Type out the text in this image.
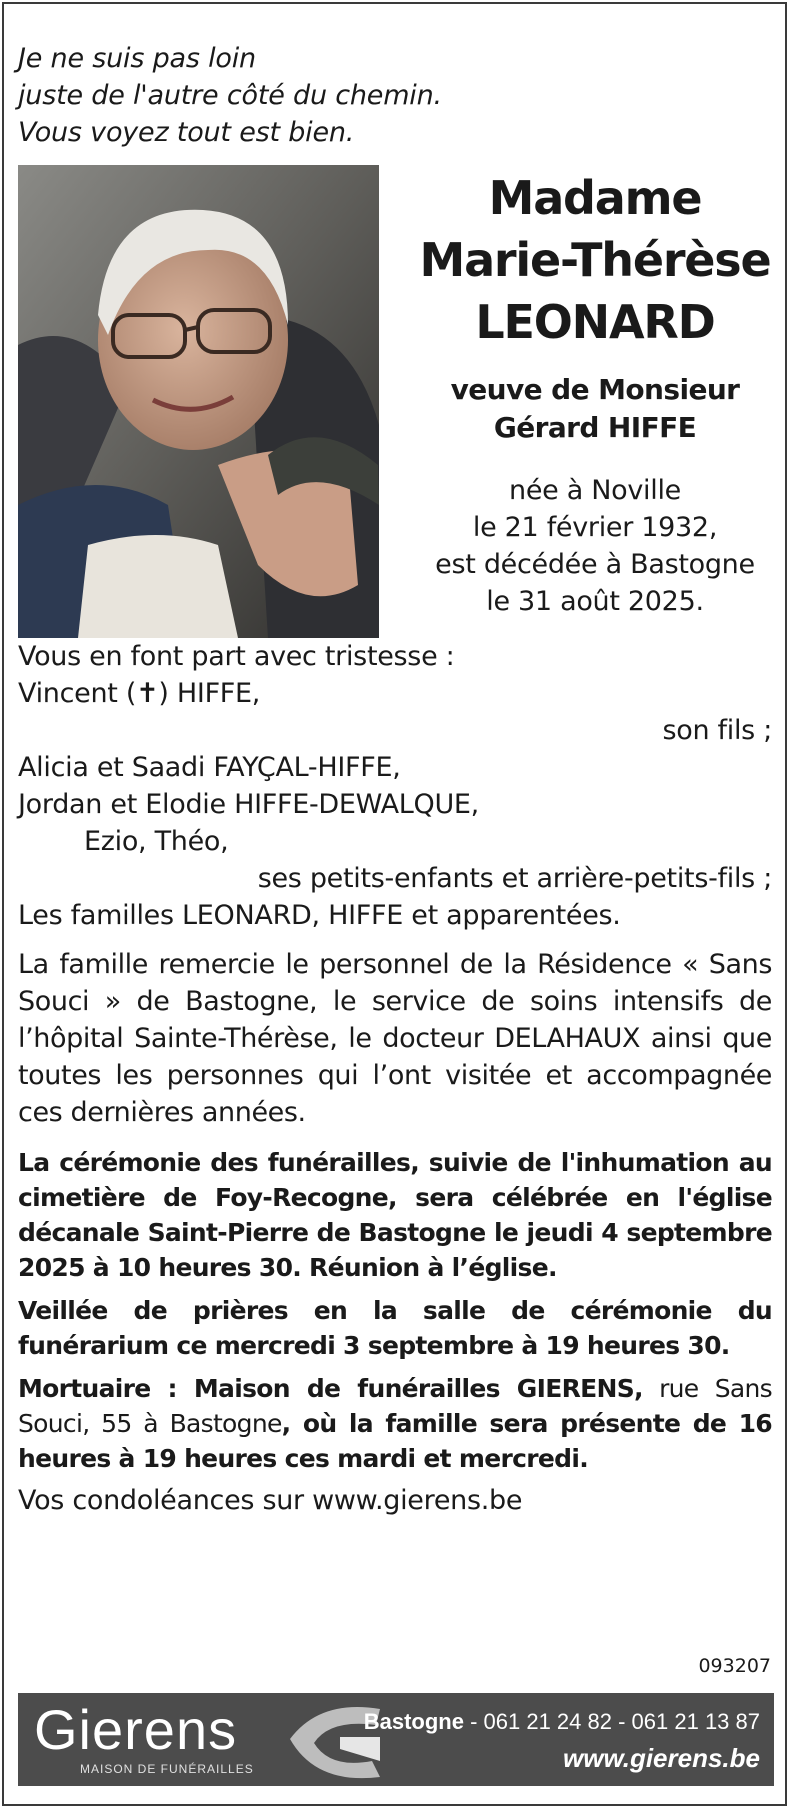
Je ne suis pas loin
juste de l'autre côté du chemin.
Vous voyez tout est bien.
Madame
Marie-Thérèse
LEONARD
veuve de Monsieur
Gérard HIFFE
née à Noville
le 21 février 1932,
est décédée à Bastogne
le 31 août 2025.

Vous en font part avec tristesse :

Vincent (✝) HIFFE,

son fils ;

Alicia et Saadi FAYÇAL-HIFFE,

Jordan et Elodie HIFFE-DEWALQUE,

Ezio, Théo,

ses petits-enfants et arrière-petits-fils ;

Les familles LEONARD, HIFFE et apparentées.

La famille remercie le personnel de la Résidence « Sans Souci » de Bastogne, le service de soins intensifs de l’hôpital Sainte-Thérèse, le docteur DELAHAUX ainsi que toutes les personnes qui l’ont visitée et accompagnée ces dernières années.
La cérémonie des funérailles, suivie de l'inhumation au cimetière de Foy-Recogne, sera célébrée en l'église décanale Saint-Pierre de Bastogne le jeudi 4 septembre 2025 à 10 heures 30. Réunion à l’église.
Veillée de prières en la salle de cérémonie du funérarium ce mercredi 3 septembre à 19 heures 30.
Mortuaire : Maison de funérailles GIERENS, rue Sans Souci, 55 à Bastogne, où la famille sera présente de 16 heures à 19 heures ces mardi et mercredi.
Vos condoléances sur www.gierens.be
093207
Gierens
MAISON DE FUNÉRAILLES
Bastogne - 061 21 24 82 - 061 21 13 87
www.gierens.be
